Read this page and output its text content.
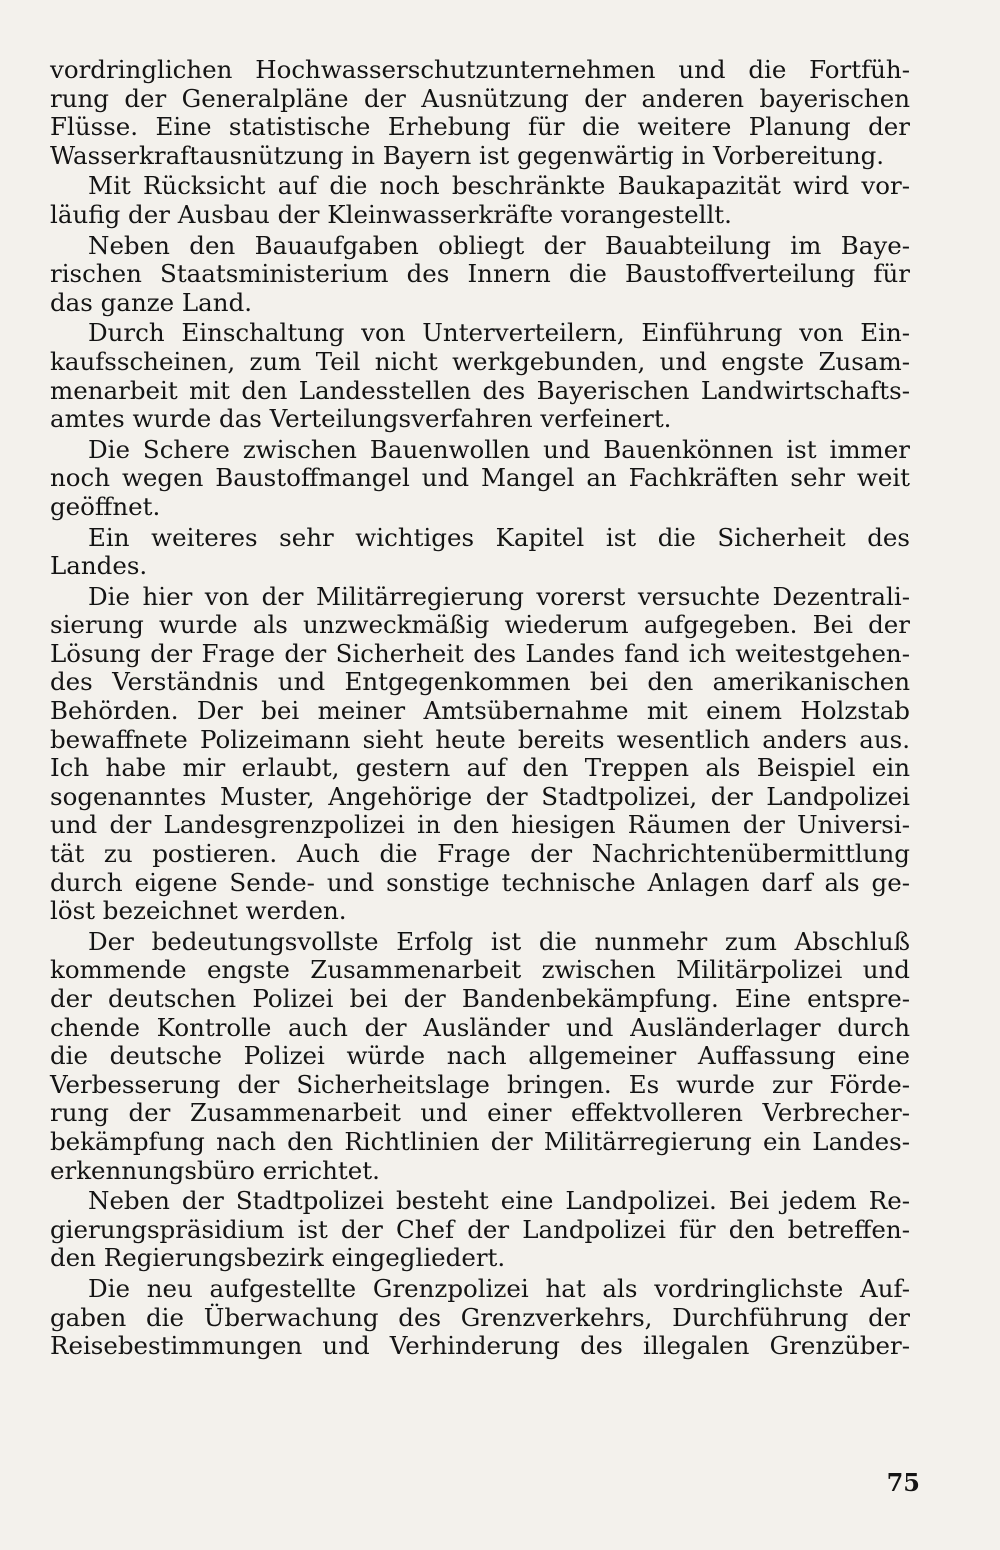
vordringlichen Hochwasserschutzunternehmen und die Fortfüh-
rung der Generalpläne der Ausnützung der anderen bayerischen
Flüsse. Eine statistische Erhebung für die weitere Planung der
Wasserkraftausnützung in Bayern ist gegenwärtig in Vorbereitung.
Mit Rücksicht auf die noch beschränkte Baukapazität wird vor-
läufig der Ausbau der Kleinwasserkräfte vorangestellt.
Neben den Bauaufgaben obliegt der Bauabteilung im Baye-
rischen Staatsministerium des Innern die Baustoffverteilung für
das ganze Land.
Durch Einschaltung von Unterverteilern, Einführung von Ein-
kaufsscheinen, zum Teil nicht werkgebunden, und engste Zusam-
menarbeit mit den Landesstellen des Bayerischen Landwirtschafts-
amtes wurde das Verteilungsverfahren verfeinert.
Die Schere zwischen Bauenwollen und Bauenkönnen ist immer
noch wegen Baustoffmangel und Mangel an Fachkräften sehr weit
geöffnet.
Ein weiteres sehr wichtiges Kapitel ist die Sicherheit des
Landes.
Die hier von der Militärregierung vorerst versuchte Dezentrali-
sierung wurde als unzweckmäßig wiederum aufgegeben. Bei der
Lösung der Frage der Sicherheit des Landes fand ich weitestgehen-
des Verständnis und Entgegenkommen bei den amerikanischen
Behörden. Der bei meiner Amtsübernahme mit einem Holzstab
bewaffnete Polizeimann sieht heute bereits wesentlich anders aus.
Ich habe mir erlaubt, gestern auf den Treppen als Beispiel ein
sogenanntes Muster, Angehörige der Stadtpolizei, der Landpolizei
und der Landesgrenzpolizei in den hiesigen Räumen der Universi-
tät zu postieren. Auch die Frage der Nachrichtenübermittlung
durch eigene Sende- und sonstige technische Anlagen darf als ge-
löst bezeichnet werden.
Der bedeutungsvollste Erfolg ist die nunmehr zum Abschluß
kommende engste Zusammenarbeit zwischen Militärpolizei und
der deutschen Polizei bei der Bandenbekämpfung. Eine entspre-
chende Kontrolle auch der Ausländer und Ausländerlager durch
die deutsche Polizei würde nach allgemeiner Auffassung eine
Verbesserung der Sicherheitslage bringen. Es wurde zur Förde-
rung der Zusammenarbeit und einer effektvolleren Verbrecher-
bekämpfung nach den Richtlinien der Militärregierung ein Landes-
erkennungsbüro errichtet.
Neben der Stadtpolizei besteht eine Landpolizei. Bei jedem Re-
gierungspräsidium ist der Chef der Landpolizei für den betreffen-
den Regierungsbezirk eingegliedert.
Die neu aufgestellte Grenzpolizei hat als vordringlichste Auf-
gaben die Überwachung des Grenzverkehrs, Durchführung der
Reisebestimmungen und Verhinderung des illegalen Grenzüber-
75
